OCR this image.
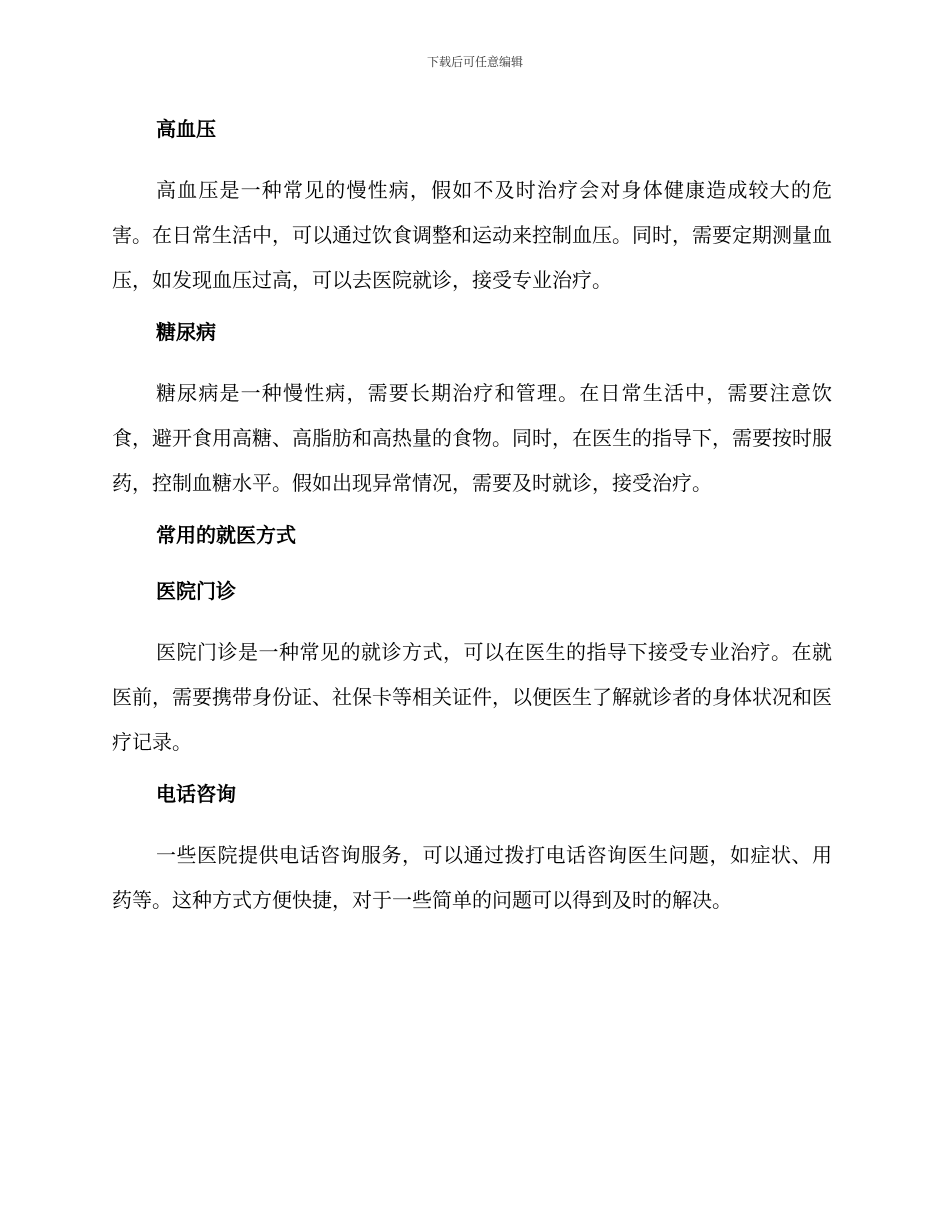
下载后可任意编辑
高血压

高血压是一种常见的慢性病，假如不及时治疗会对身体健康造成较大的危害。在日常生活中，可以通过饮食调整和运动来控制血压。同时，需要定期测量血压，如发现血压过高，可以去医院就诊，接受专业治疗。

糖尿病

糖尿病是一种慢性病，需要长期治疗和管理。在日常生活中，需要注意饮食，避开食用高糖、高脂肪和高热量的食物。同时，在医生的指导下，需要按时服药，控制血糖水平。假如出现异常情况，需要及时就诊，接受治疗。

常用的就医方式
医院门诊

医院门诊是一种常见的就诊方式，可以在医生的指导下接受专业治疗。在就医前，需要携带身份证、社保卡等相关证件，以便医生了解就诊者的身体状况和医疗记录。

电话咨询

一些医院提供电话咨询服务，可以通过拨打电话咨询医生问题，如症状、用药等。这种方式方便快捷，对于一些简单的问题可以得到及时的解决。
